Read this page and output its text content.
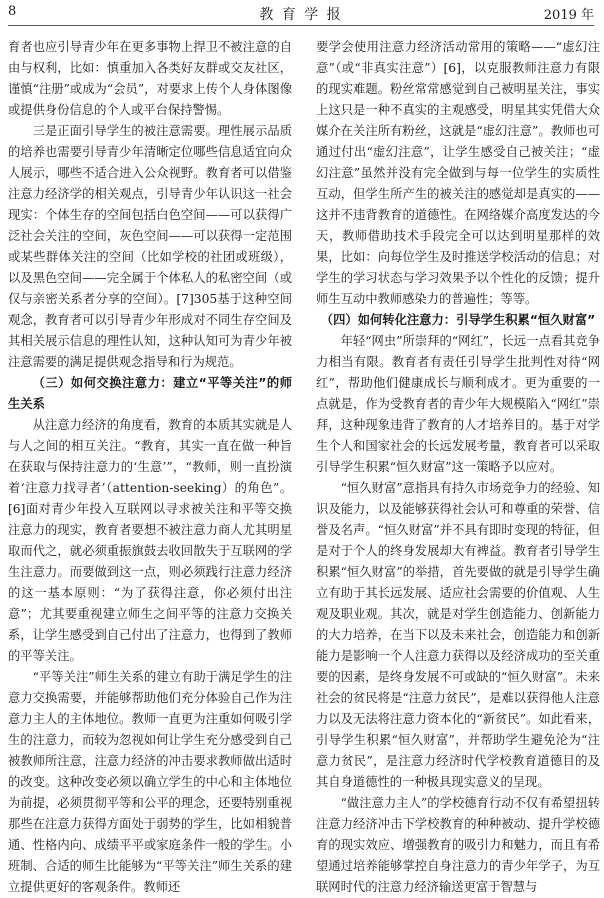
8	教 育 学 报	2019 年

育者也应引导青少年在更多事物上捍卫不被注意的自由与权利，比如：慎重加入各类好友群或交友社区，谨慎“注册”或成为“会员”，对要求上传个人身体图像或提供身份信息的个人或平台保持警惕。

三是正面引导学生的被注意需要。理性展示品质的培养也需要引导青少年清晰定位哪些信息适宜向众人展示，哪些不适合进入公众视野。教育者可以借鉴注意力经济学的相关观点，引导青少年认识这一社会现实：个体生存的空间包括白色空间——可以获得广泛社会关注的空间，灰色空间——可以获得一定范围或某些群体关注的空间（比如学校的社团或班级），以及黑色空间——完全属于个体私人的私密空间（或仅与亲密关系者分享的空间）。[7]305基于这种空间观念，教育者可以引导青少年形成对不同生存空间及其相关展示信息的理性认知，这种认知可为青少年被注意需要的满足提供观念指导和行为规范。

（三）如何交换注意力：建立“平等关注”的师生关系

从注意力经济的角度看，教育的本质其实就是人与人之间的相互关注。“教育，其实一直在做一种旨在获取与保持注意力的‘生意’”，“教师，则一直扮演着‘注意力找寻者’（attention-seeking）的角色”。[6]面对青少年投入互联网以寻求被关注和平等交换注意力的现实，教育者要想不被注意力商人尤其明星取而代之，就必须重振旗鼓去收回散失于互联网的学生注意力。而要做到这一点，则必须践行注意力经济的这一基本原则：“为了获得注意，你必须付出注意”；尤其要重视建立师生之间平等的注意力交换关系，让学生感受到自己付出了注意力，也得到了教师的平等关注。

“平等关注”师生关系的建立有助于满足学生的注意力交换需要，并能够帮助他们充分体验自己作为注意力主人的主体地位。教师一直更为注重如何吸引学生的注意力，而较为忽视如何让学生充分感受到自己被教师所注意，注意力经济的冲击要求教师做出适时的改变。这种改变必须以确立学生的中心和主体地位为前提，必须贯彻平等和公平的理念，还要特别重视那些在注意力获得方面处于弱势的学生，比如相貌普通、性格内向、成绩平平或家庭条件一般的学生。小班制、合适的师生比能够为“平等关注”师生关系的建立提供更好的客观条件。教师还

要学会使用注意力经济活动常用的策略——“虚幻注意”（或“非真实注意”）[6]，以克服教师注意力有限的现实难题。粉丝常常感觉到自己被明星关注，事实上这只是一种不真实的主观感受，明星其实凭借大众媒介在关注所有粉丝，这就是“虚幻注意”。教师也可通过付出“虚幻注意”，让学生感受自己被关注；“虚幻注意”虽然并没有完全做到与每一位学生的实质性互动，但学生所产生的被关注的感觉却是真实的——这并不违背教育的道德性。在网络媒介高度发达的今天，教师借助技术手段完全可以达到明星那样的效果，比如：向每位学生及时推送学校活动的信息；对学生的学习状态与学习效果予以个性化的反馈；提升师生互动中教师感染力的普遍性；等等。

（四）如何转化注意力：引导学生积累“恒久财富”

年轻“网虫”所崇拜的“网红”，长远一点看其竞争力相当有限。教育者有责任引导学生批判性对待“网红”，帮助他们健康成长与顺利成才。更为重要的一点就是，作为受教育者的青少年大规模陷入“网红”崇拜，这种现象违背了教育的人才培养目的。基于对学生个人和国家社会的长远发展考量，教育者可以采取引导学生积累“恒久财富”这一策略予以应对。

“恒久财富”意指具有持久市场竞争力的经验、知识及能力，以及能够获得社会认可和尊重的荣誉、信誉及名声。“恒久财富”并不具有即时变现的特征，但是对于个人的终身发展却大有裨益。教育者引导学生积累“恒久财富”的举措，首先要做的就是引导学生确立有助于其长远发展、适应社会需要的价值观、人生观及职业观。其次，就是对学生创造能力、创新能力的大力培养，在当下以及未来社会，创造能力和创新能力是影响一个人注意力获得以及经济成功的至关重要的因素，是终身发展不可或缺的“恒久财富”。未来社会的贫民将是“注意力贫民”，是难以获得他人注意力以及无法将注意力资本化的“新贫民”。如此看来，引导学生积累“恒久财富”，并帮助学生避免沦为“注意力贫民”，是注意力经济时代学校教育道德目的及其自身道德性的一种极具现实意义的呈现。

“做注意力主人”的学校德育行动不仅有希望扭转注意力经济冲击下学校教育的种种被动、提升学校德育的现实效应、增强教育的吸引力和魅力，而且有希望通过培养能够掌控自身注意力的青少年学子，为互联网时代的注意力经济输送更富于智慧与
